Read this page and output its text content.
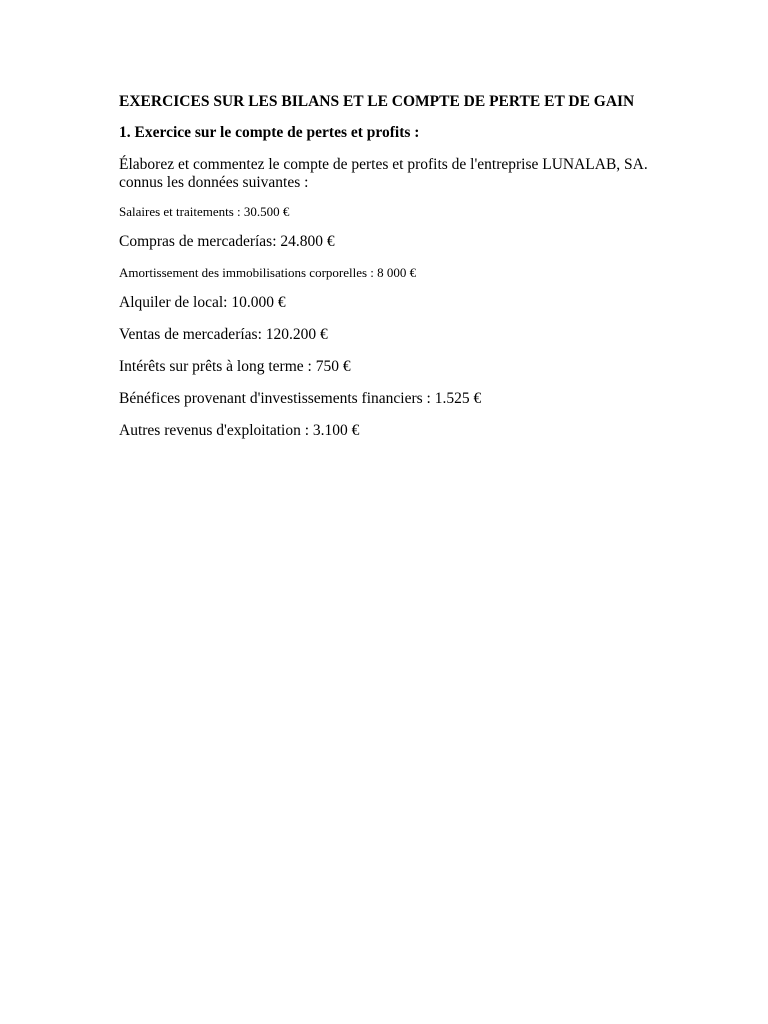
EXERCICES SUR LES BILANS ET LE COMPTE DE PERTE ET DE GAIN
1. Exercice sur le compte de pertes et profits :
Élaborez et commentez le compte de pertes et profits de l'entreprise LUNALAB, SA.
connus les données suivantes :
Salaires et traitements : 30.500 €
Compras de mercaderías: 24.800 €
Amortissement des immobilisations corporelles : 8 000 €
Alquiler de local: 10.000 €
Ventas de mercaderías: 120.200 €
Intérêts sur prêts à long terme : 750 €
Bénéfices provenant d'investissements financiers : 1.525 €
Autres revenus d'exploitation : 3.100 €
